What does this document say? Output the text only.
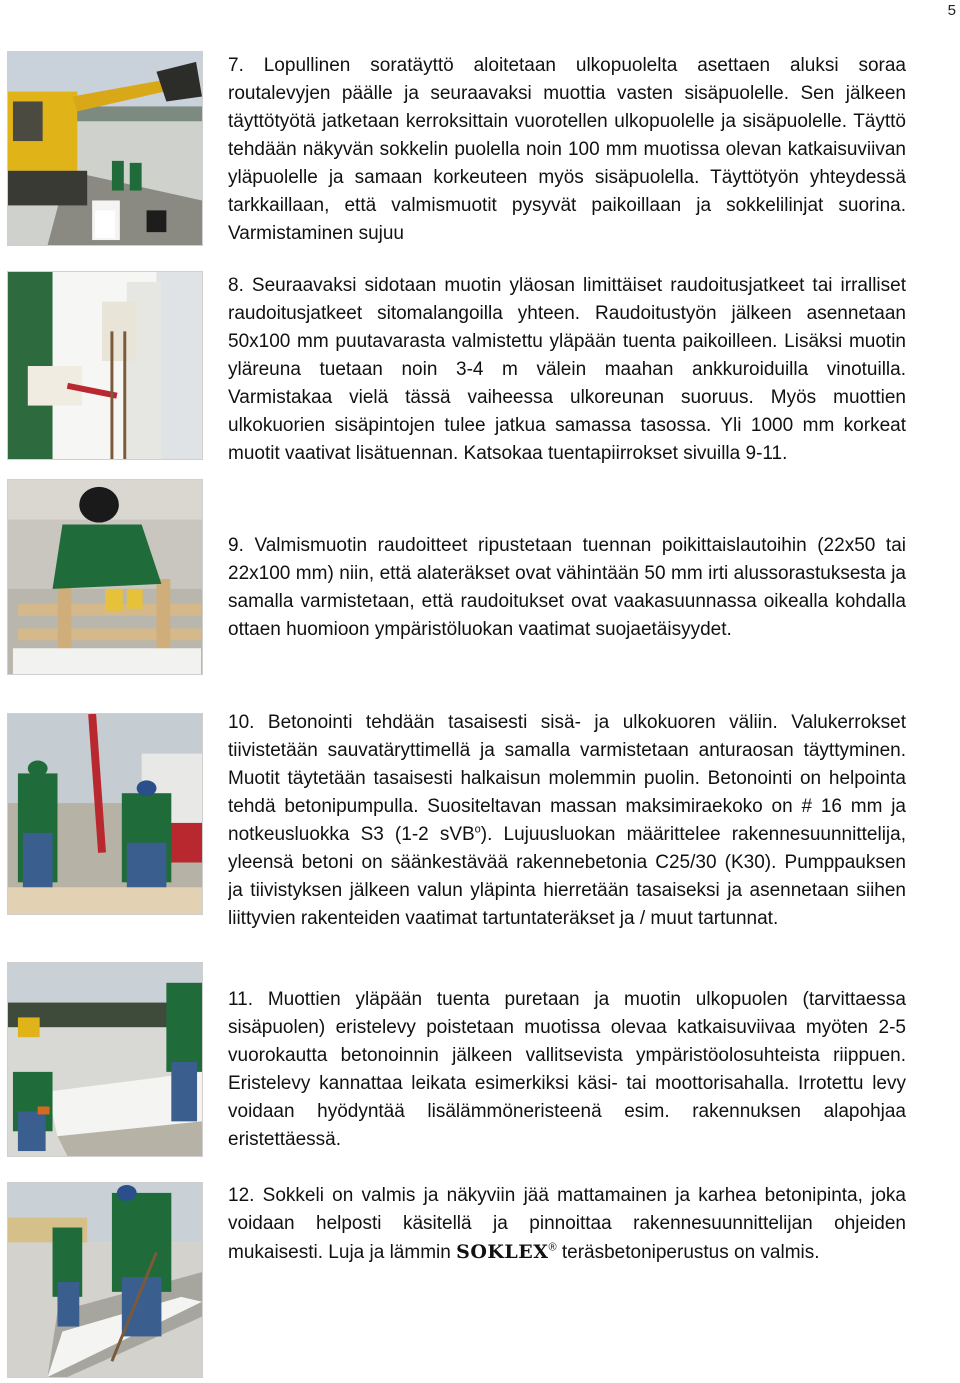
5

7. Lopullinen soratäyttö aloitetaan ulkopuolelta asettaen aluksi soraa routalevyjen päälle ja seuraavaksi muottia vasten sisäpuolelle. Sen jälkeen täyttötyötä jatketaan kerroksittain vuorotellen ulkopuolelle ja sisäpuolelle. Täyttö tehdään näkyvän sokkelin puolella noin 100 mm muotissa olevan katkaisuviivan yläpuolelle ja samaan korkeuteen myös sisäpuolella. Täyttötyön yhteydessä tarkkaillaan, että valmismuotit pysyvät paikoillaan ja sokkelilinjat suorina. Varmistaminen sujuu

8. Seuraavaksi sidotaan muotin yläosan limittäiset raudoitusjatkeet tai irralliset raudoitusjatkeet sitomalangoilla yhteen. Raudoitustyön jälkeen asennetaan 50x100 mm puutavarasta valmistettu yläpään tuenta paikoilleen. Lisäksi muotin yläreuna tuetaan noin 3-4 m välein maahan ankkuroiduilla vinotuilla. Varmistakaa vielä tässä vaiheessa ulkoreunan suoruus. Myös muottien ulkokuorien sisäpintojen tulee jatkua samassa tasossa. Yli 1000 mm korkeat muotit vaativat lisätuennan. Katsokaa tuentapiirrokset sivuilla 9-11.

9. Valmismuotin raudoitteet ripustetaan tuennan poikittaislautoihin (22x50 tai 22x100 mm) niin, että alateräkset ovat vähintään 50 mm irti alussorastuksesta ja samalla varmistetaan, että raudoitukset ovat vaakasuunnassa oikealla kohdalla ottaen huomioon ympäristöluokan vaatimat suojaetäisyydet.

10. Betonointi tehdään tasaisesti sisä- ja ulkokuoren väliin. Valukerrokset tiivistetään sauvatäryttimellä ja samalla varmistetaan anturaosan täyttyminen. Muotit täytetään tasaisesti halkaisun molemmin puolin. Betonointi on helpointa tehdä betonipumpulla. Suositeltavan massan maksimiraekoko on # 16 mm ja notkeusluokka S3 (1-2 sVB$^o$). Lujuusluokan määrittelee rakennesuunnittelija, yleensä betoni on säänkestävää rakennebetonia C25/30 (K30). Pumppauksen ja tiivistyksen jälkeen valun yläpinta hierretään tasaiseksi ja asennetaan siihen liittyvien rakenteiden vaatimat tartuntateräkset ja / muut tartunnat.

11. Muottien yläpään tuenta puretaan ja muotin ulkopuolen (tarvittaessa sisäpuolen) eristelevy poistetaan muotissa olevaa katkaisuviivaa myöten 2-5 vuorokautta betonoinnin jälkeen vallitsevista ympäristöolosuhteista riippuen. Eristelevy kannattaa leikata esimerkiksi käsi- tai moottorisahalla. Irrotettu levy voidaan hyödyntää lisälämmöneristeenä esim. rakennuksen alapohjaa eristettäessä.

12. Sokkeli on valmis ja näkyviin jää mattamainen ja karhea betonipinta, joka voidaan helposti käsitellä ja pinnoittaa rakennesuunnittelijan ohjeiden mukaisesti. Luja ja lämmin SOKLEX® teräsbetoniperustus on valmis.
